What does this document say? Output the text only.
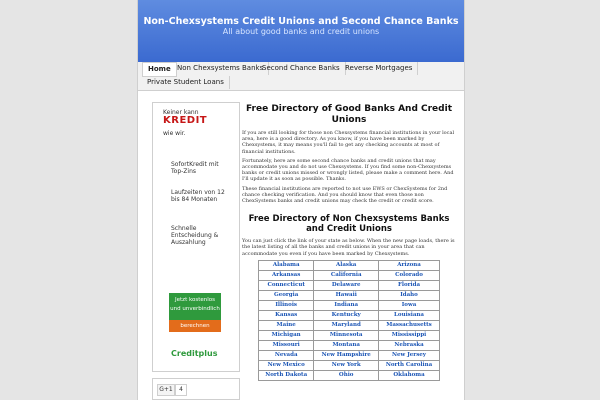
Non-Chexsystems Credit Unions and Second Chance Banks
All about good banks and credit unions
Home Non Chexsystems Banks
Second Chance Banks Reverse Mortgages
Private Student Loans
Keiner kann
KREDIT
wie wir.
SofortKredit mit Top-Zins
Laufzeiten von 12 bis 84 Monaten
Schnelle Entscheidung & Auszahlung
Jetzt kostenlos und unverbindlich
berechnen
Creditplus
G+1	4
Free Directory of Good Banks And Credit Unions

If you are still looking for those non Chexsystems financial institutions in your local area, here is a good directory. As you know, if you have been marked by Chexsystems, it may means you'll fail to get any checking accounts at most of financial institutions.

Fortunately, here are some second chance banks and credit unions that may accommodate you and do not use Chexsystems. If you find some non-Chexsystems banks or credit unions missed or wrongly listed, please make a comment here. And I'll update it as soon as possible. Thanks.

These financial institutions are reported to not use EWS or ChexSystems for 2nd chance checking verification. And you should know that even those non ChexSystems banks and credit unions may check the credit or credit score.

Free Directory of Non Chexsystems Banks and Credit Unions

You can just click the link of your state as below. When the new page loads, there is the latest listing of all the banks and credit unions in your area that can accommodate you even if you have been marked by Chexsystems.

Alabama	Alaska	Arizona
Arkansas	California	Colorado
Connecticut	Delaware	Florida
Georgia	Hawaii	Idaho
Illinois	Indiana	Iowa
Kansas	Kentucky	Louisiana
Maine	Maryland	Massachusetts
Michigan	Minnesota	Mississippi
Missouri	Montana	Nebraska
Nevada	New Hampshire	New Jersey
New Mexico	New York	North Carolina
North Dakota	Ohio	Oklahoma
